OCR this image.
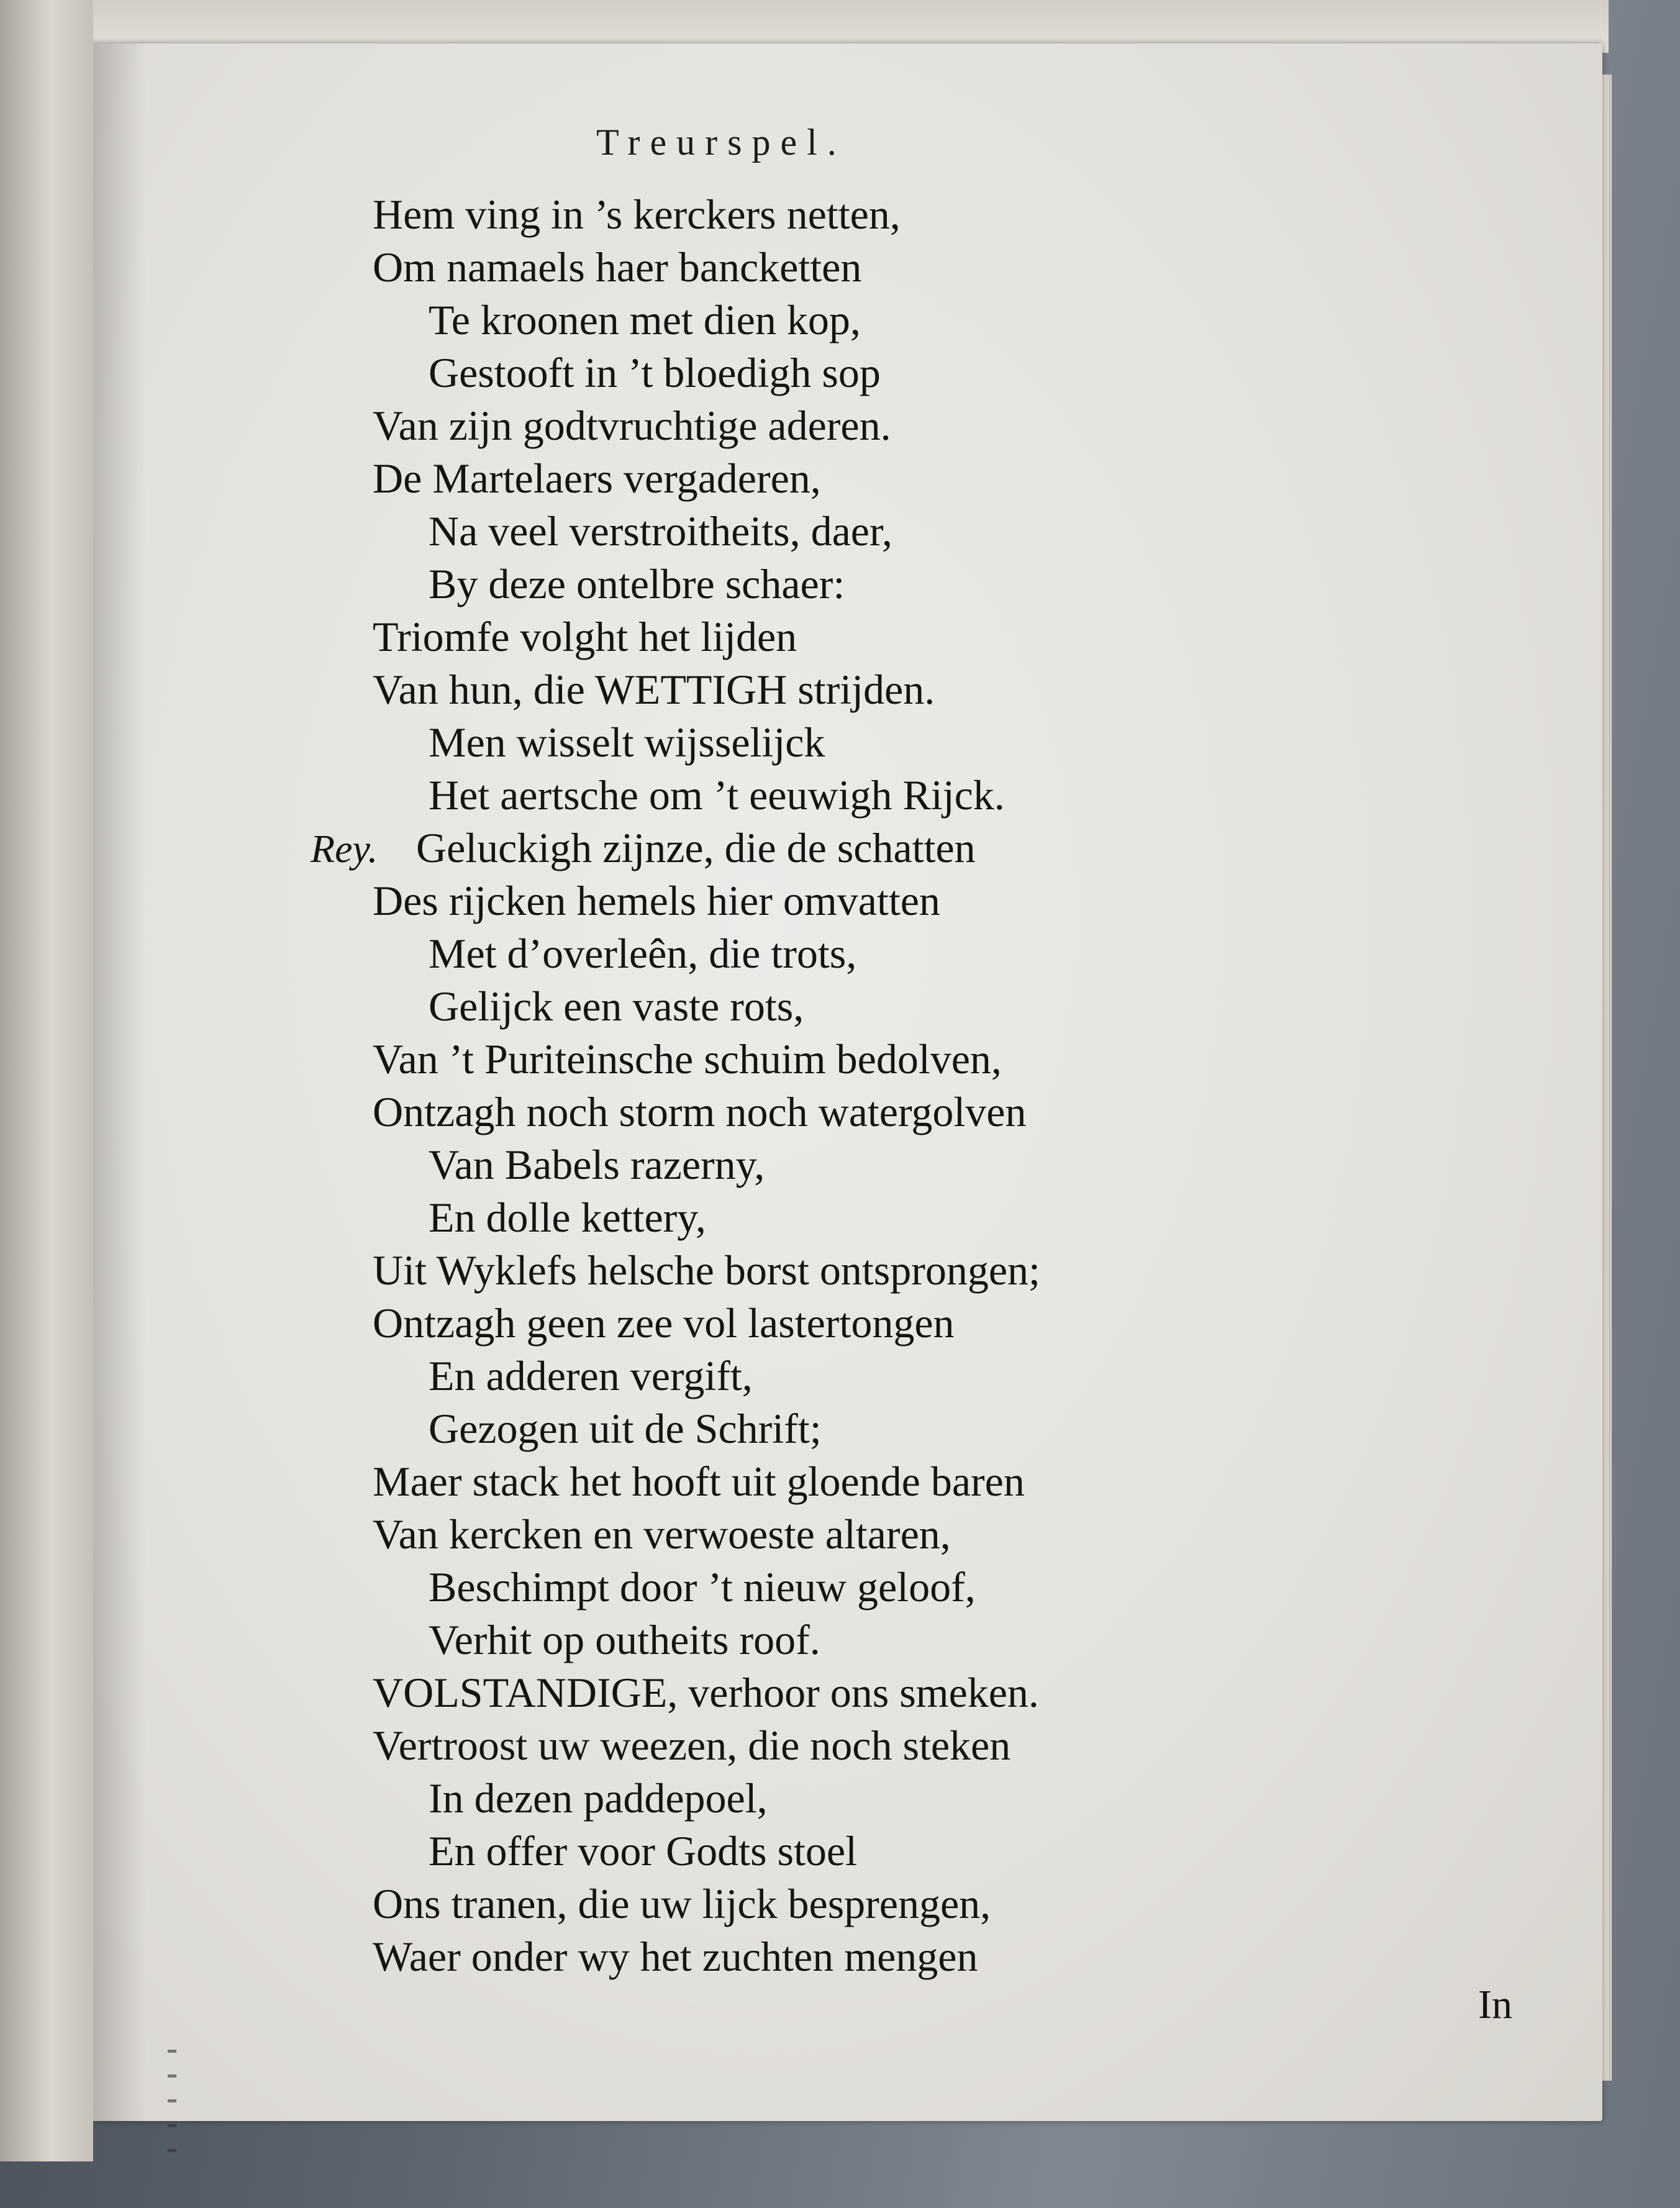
Treurspel.
Hem ving in ’s kerckers netten,
Om namaels haer bancketten
Te kroonen met dien kop,
Gestooft in ’t bloedigh sop
Van zijn godtvruchtige aderen.
De Martelaers vergaderen,
Na veel verstroitheits, daer,
By deze ontelbre schaer:
Triomfe volght het lijden
Van hun, die WETTIGH strijden.
Men wisselt wijsselijck
Het aertsche om ’t eeuwigh Rijck.
Rey. Geluckigh zijnze, die de schatten
Des rijcken hemels hier omvatten
Met d’overleên, die trots,
Gelijck een vaste rots,
Van ’t Puriteinsche schuim bedolven,
Ontzagh noch storm noch watergolven
Van Babels razerny,
En dolle kettery,
Uit Wyklefs helsche borst ontsprongen;
Ontzagh geen zee vol lastertongen
En adderen vergift,
Gezogen uit de Schrift;
Maer stack het hooft uit gloende baren
Van kercken en verwoeste altaren,
Beschimpt door ’t nieuw geloof,
Verhit op outheits roof.
VOLSTANDIGE, verhoor ons smeken.
Vertroost uw weezen, die noch steken
In dezen paddepoel,
En offer voor Godts stoel
Ons tranen, die uw lijck besprengen,
Waer onder wy het zuchten mengen
In
